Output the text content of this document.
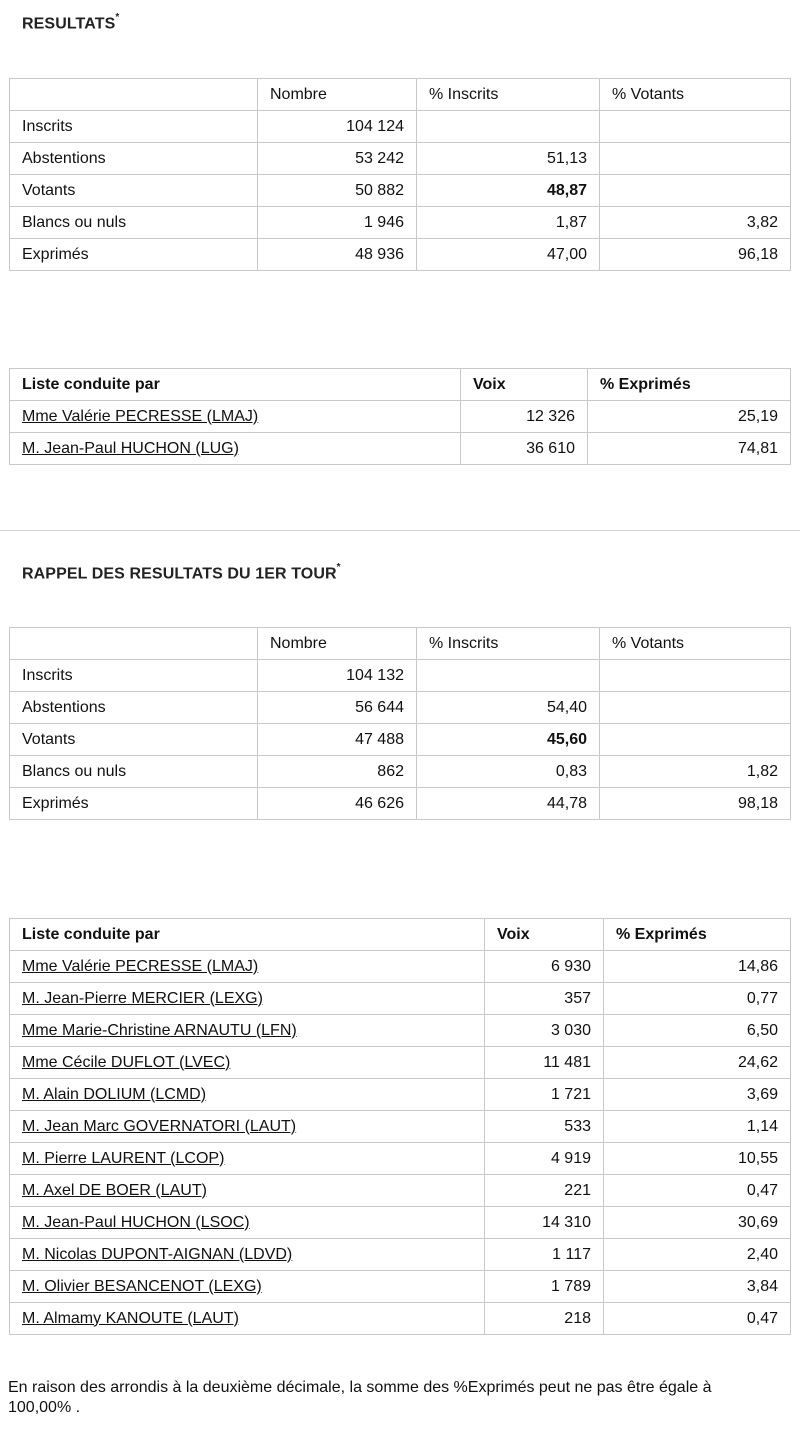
RESULTATS*
	Nombre	% Inscrits	% Votants
Inscrits	104 124		
Abstentions	53 242	51,13	
Votants	50 882	48,87	
Blancs ou nuls	1 946	1,87	3,82
Exprimés	48 936	47,00	96,18
Liste conduite par	Voix	% Exprimés
Mme Valérie PECRESSE (LMAJ)	12 326	25,19
M. Jean-Paul HUCHON (LUG)	36 610	74,81
RAPPEL DES RESULTATS DU 1ER TOUR*
	Nombre	% Inscrits	% Votants
Inscrits	104 132		
Abstentions	56 644	54,40	
Votants	47 488	45,60	
Blancs ou nuls	862	0,83	1,82
Exprimés	46 626	44,78	98,18
Liste conduite par	Voix	% Exprimés
Mme Valérie PECRESSE (LMAJ)	6 930	14,86
M. Jean-Pierre MERCIER (LEXG)	357	0,77
Mme Marie-Christine ARNAUTU (LFN)	3 030	6,50
Mme Cécile DUFLOT (LVEC)	11 481	24,62
M. Alain DOLIUM (LCMD)	1 721	3,69
M. Jean Marc GOVERNATORI (LAUT)	533	1,14
M. Pierre LAURENT (LCOP)	4 919	10,55
M. Axel DE BOER (LAUT)	221	0,47
M. Jean-Paul HUCHON (LSOC)	14 310	30,69
M. Nicolas DUPONT-AIGNAN (LDVD)	1 117	2,40
M. Olivier BESANCENOT (LEXG)	1 789	3,84
M. Almamy KANOUTE (LAUT)	218	0,47

En raison des arrondis à la deuxième décimale, la somme des %Exprimés peut ne pas être égale à 100,00% .
